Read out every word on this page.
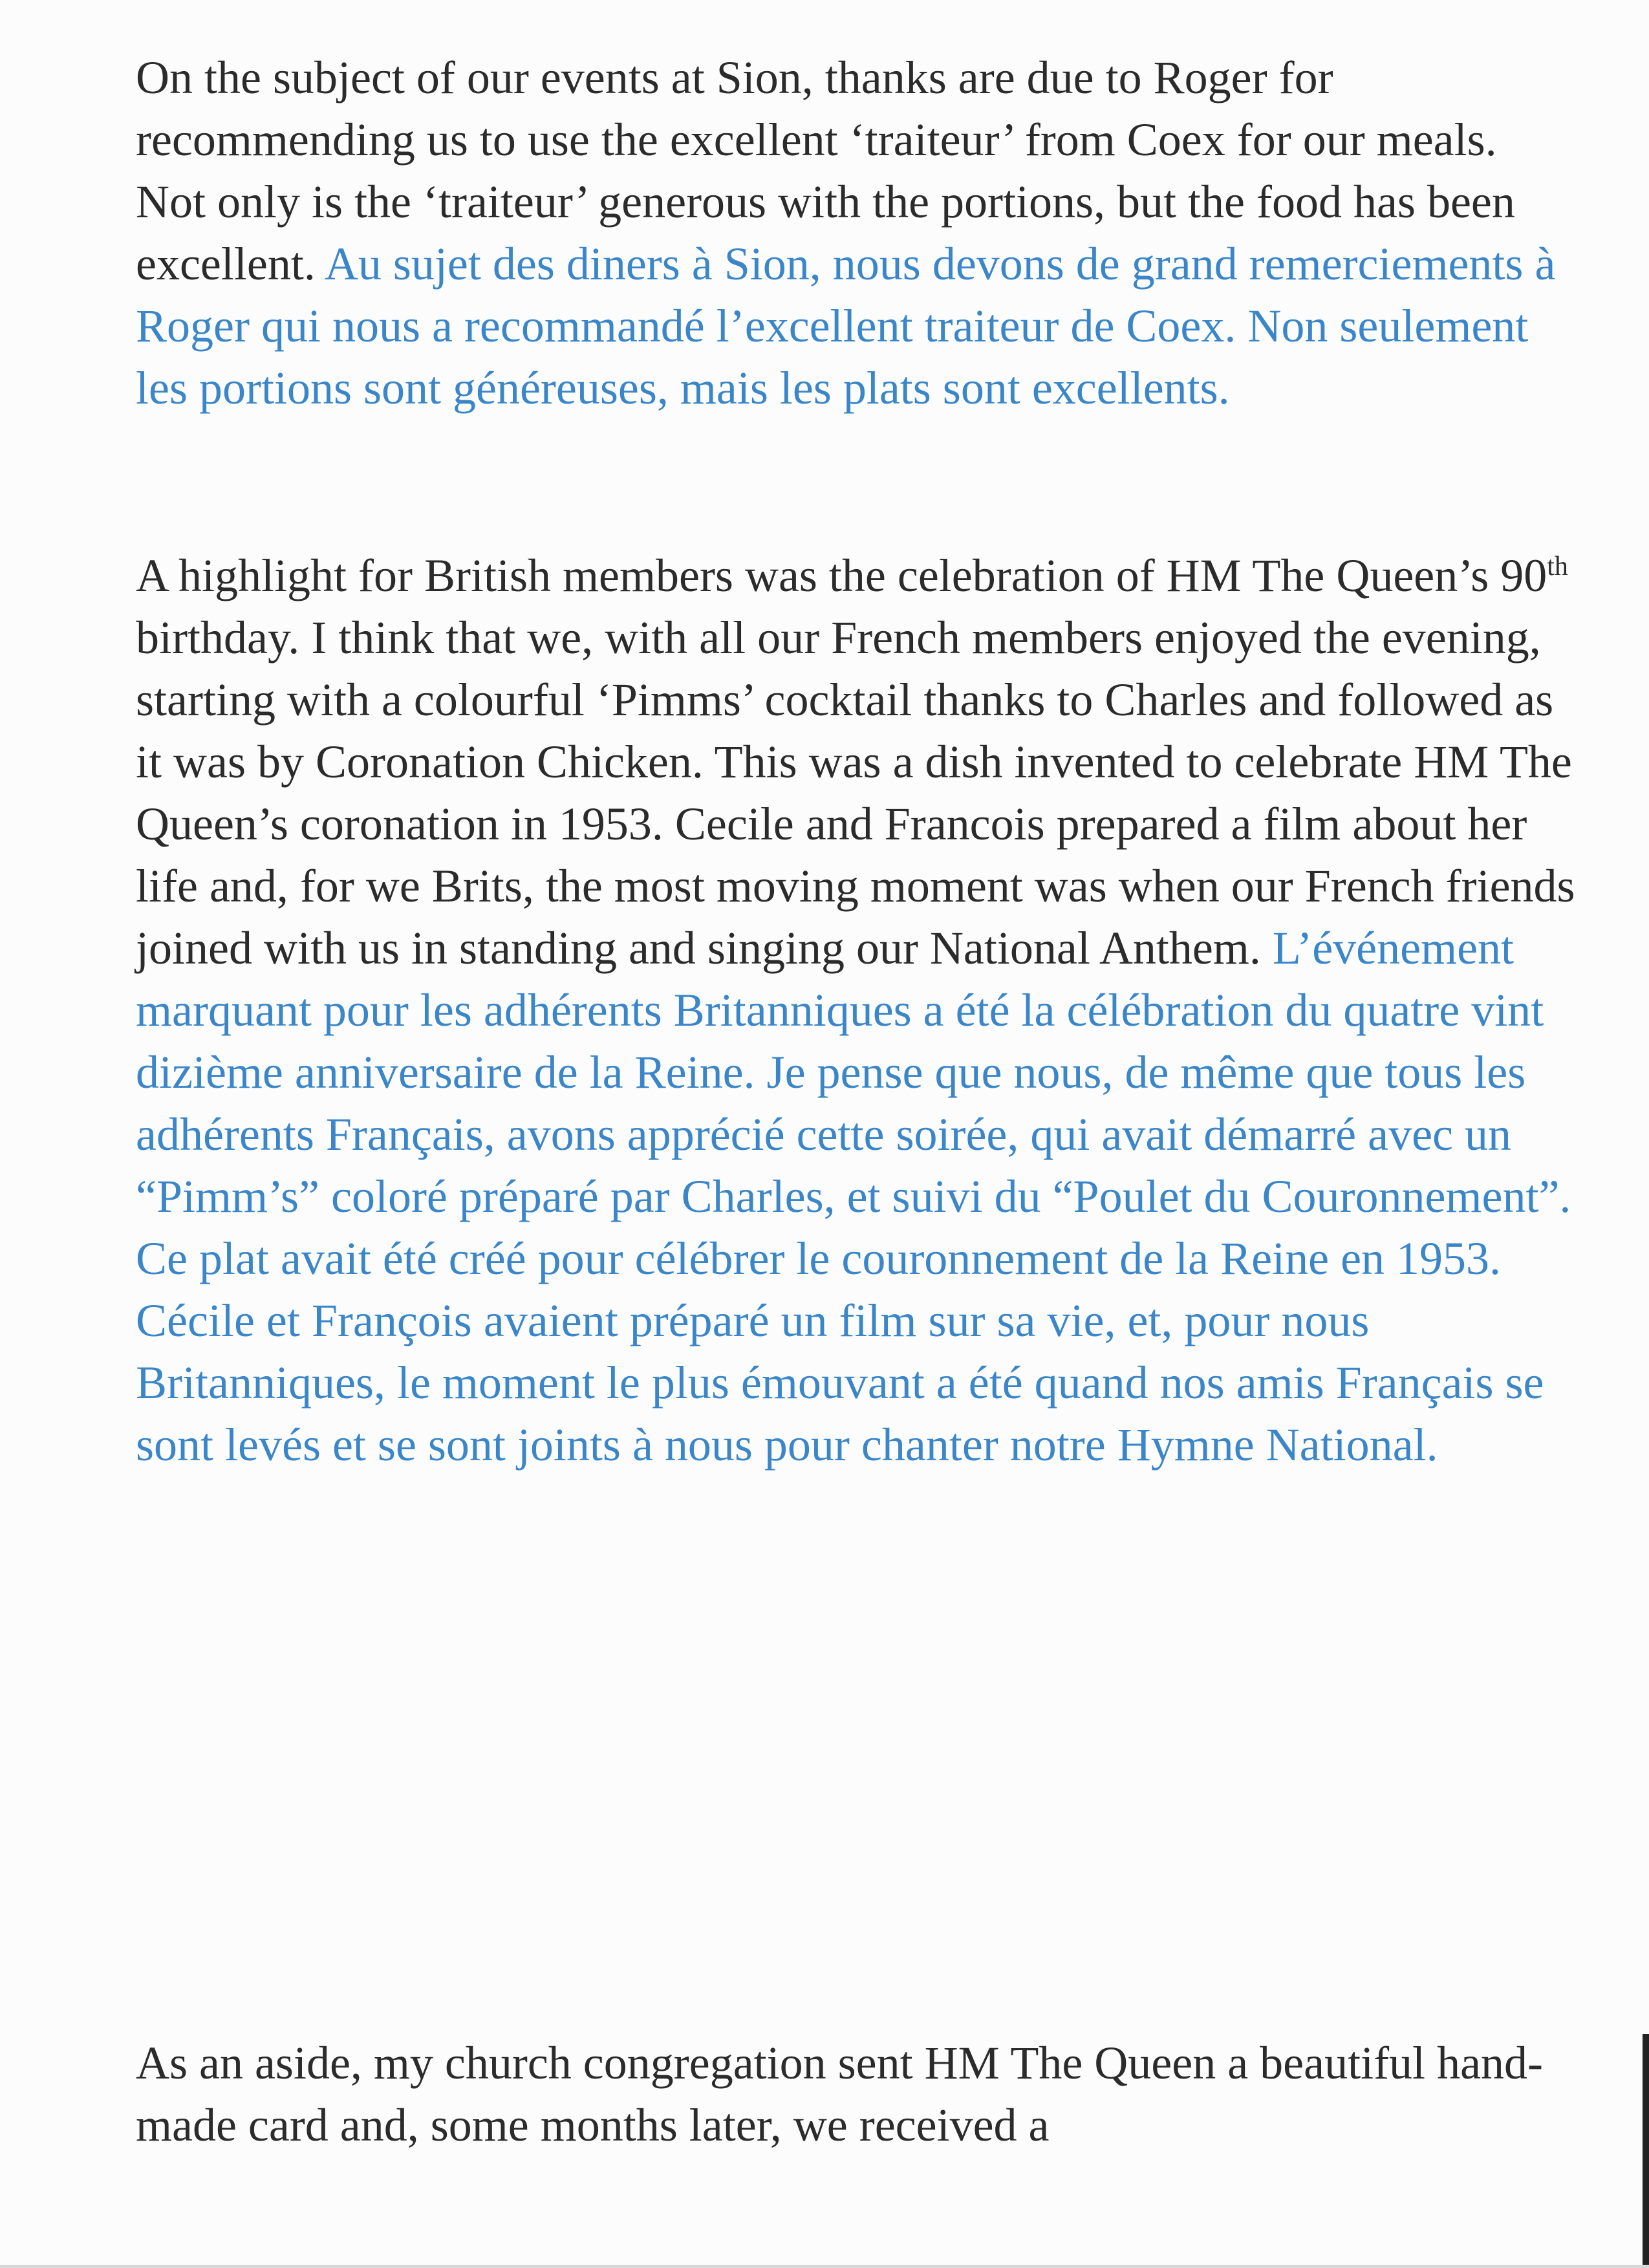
On the subject of our events at Sion, thanks are due to Roger for recommending us to use the excellent ‘traiteur’ from Coex for our meals. Not only is the ‘traiteur’ generous with the portions, but the food has been excellent. Au sujet des diners à Sion, nous devons de grand remerciements à Roger qui nous a recommandé l’excellent traiteur de Coex. Non seulement les portions sont généreuses, mais les plats sont excellents.

A highlight for British members was the celebration of HM The Queen’s 90th birthday. I think that we, with all our French members enjoyed the evening, starting with a colourful ‘Pimms’ cocktail thanks to Charles and followed as it was by Coronation Chicken. This was a dish invented to celebrate HM The Queen’s coronation in 1953. Cecile and Francois prepared a film about her life and, for we Brits, the most moving moment was when our French friends joined with us in standing and singing our National Anthem. L’événement marquant pour les adhérents Britanniques a été la célébration du quatre vint dizième anniversaire de la Reine. Je pense que nous, de même que tous les adhérents Français, avons apprécié cette soirée, qui avait démarré avec un “Pimm’s” coloré préparé par Charles, et suivi du “Poulet du Couronnement”. Ce plat avait été créé pour célébrer le couronnement de la Reine en 1953.

Cécile et François avaient préparé un film sur sa vie, et, pour nous Britanniques, le moment le plus émouvant a été quand nos amis Français se sont levés et se sont joints à nous pour chanter notre Hymne National.

As an aside, my church congregation sent HM The Queen a beautiful hand-made card and, some months later, we received a
